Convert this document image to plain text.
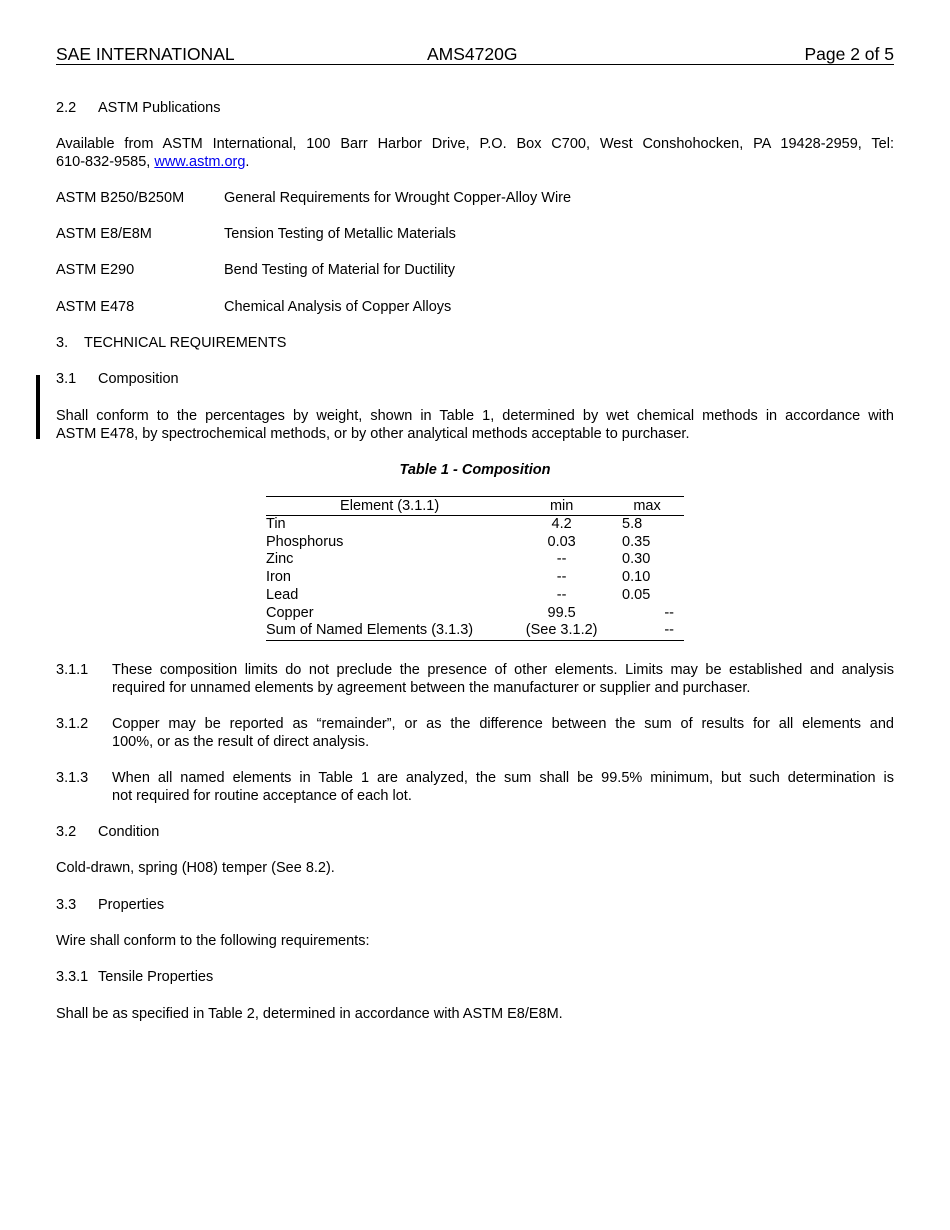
SAE INTERNATIONAL	AMS4720G	Page 2 of 5
2.2 ASTM Publications
Available from ASTM International, 100 Barr Harbor Drive, P.O. Box C700, West Conshohocken, PA 19428-2959, Tel:
610-832-9585, www.astm.org.
ASTM B250/B250M	General Requirements for Wrought Copper-Alloy Wire
ASTM E8/E8M	Tension Testing of Metallic Materials
ASTM E290	Bend Testing of Material for Ductility
ASTM E478	Chemical Analysis of Copper Alloys
3. TECHNICAL REQUIREMENTS
3.1 Composition
Shall conform to the percentages by weight, shown in Table 1, determined by wet chemical methods in accordance with
ASTM E478, by spectrochemical methods, or by other analytical methods acceptable to purchaser.
Table 1 - Composition
Element (3.1.1)	min	max
Tin	4.2	5.8
Phosphorus	0.03	0.35
Zinc	--	0.30
Iron	--	0.10
Lead	--	0.05
Copper	99.5	--
Sum of Named Elements (3.1.3)	(See 3.1.2)	--
3.1.1 These composition limits do not preclude the presence of other elements. Limits may be established and analysis
required for unnamed elements by agreement between the manufacturer or supplier and purchaser.
3.1.2 Copper may be reported as “remainder”, or as the difference between the sum of results for all elements and
100%, or as the result of direct analysis.
3.1.3 When all named elements in Table 1 are analyzed, the sum shall be 99.5% minimum, but such determination is
not required for routine acceptance of each lot.
3.2 Condition
Cold-drawn, spring (H08) temper (See 8.2).
3.3 Properties
Wire shall conform to the following requirements:
3.3.1 Tensile Properties
Shall be as specified in Table 2, determined in accordance with ASTM E8/E8M.
